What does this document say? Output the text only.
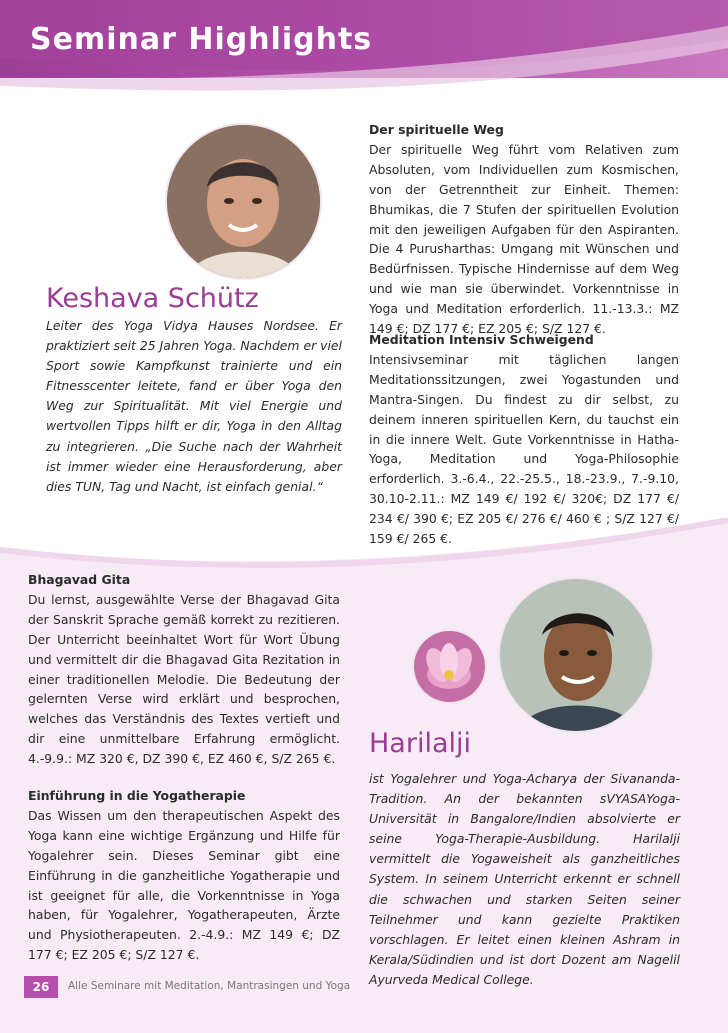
Seminar Highlights
Keshava Schütz
Leiter des Yoga Vidya Hauses Nordsee. Er praktiziert seit 25 Jahren Yoga. Nachdem er viel Sport sowie Kampfkunst trainierte und ein Fitnesscenter leitete, fand er über Yoga den Weg zur Spiritualität. Mit viel Energie und wertvollen Tipps hilft er dir, Yoga in den Alltag zu integrieren. „Die Suche nach der Wahrheit ist immer wieder eine Herausforderung, aber dies TUN, Tag und Nacht, ist einfach genial.“

Der spirituelle Weg

Der spirituelle Weg führt vom Relativen zum Absoluten, vom Individuellen zum Kosmischen, von der Getrenntheit zur Einheit. Themen: Bhumikas, die 7 Stufen der spirituellen Evolution mit den jeweiligen Aufgaben für den Aspiranten. Die 4 Purusharthas: Umgang mit Wünschen und Bedürfnissen. Typische Hindernisse auf dem Weg und wie man sie überwindet. Vorkenntnisse in Yoga und Meditation erforderlich. 11.-13.3.: MZ 149 €; DZ 177 €; EZ 205 €; S/Z 127 €.

Meditation Intensiv Schweigend

Intensivseminar mit täglichen langen Meditationssitzungen, zwei Yogastunden und Mantra-Singen. Du findest zu dir selbst, zu deinem inneren spirituellen Kern, du tauchst ein in die innere Welt. Gute Vorkenntnisse in Hatha-Yoga, Meditation und Yoga-Philosophie erforderlich. 3.-6.4., 22.-25.5., 18.-23.9., 7.-9.10, 30.10-2.11.: MZ 149 €/ 192 €/ 320€; DZ 177 €/ 234 €/ 390 €; EZ 205 €/ 276 €/ 460 € ; S/Z 127 €/ 159 €/ 265 €.

Bhagavad Gita

Du lernst, ausgewählte Verse der Bhagavad Gita der Sanskrit Sprache gemäß korrekt zu rezitieren. Der Unterricht beeinhaltet Wort für Wort Übung und vermittelt dir die Bhagavad Gita Rezitation in einer traditionellen Melodie. Die Bedeutung der gelernten Verse wird erklärt und besprochen, welches das Verständnis des Textes vertieft und dir eine unmittelbare Erfahrung ermöglicht. 4.-9.9.: MZ 320 €, DZ 390 €, EZ 460 €, S/Z 265 €.

Einführung in die Yogatherapie

Das Wissen um den therapeutischen Aspekt des Yoga kann eine wichtige Ergänzung und Hilfe für Yogalehrer sein. Dieses Seminar gibt eine Einführung in die ganzheitliche Yogatherapie und ist geeignet für alle, die Vorkenntnisse in Yoga haben, für Yogalehrer, Yogatherapeuten, Ärzte und Physiotherapeuten. 2.-4.9.: MZ 149 €; DZ 177 €; EZ 205 €; S/Z 127 €.

Harilalji
ist Yogalehrer und Yoga-Acharya der Sivananda-Tradition. An der bekannten sVYASAYoga-Universität in Bangalore/Indien absolvierte er seine Yoga-Therapie-Ausbildung. Harilalji vermittelt die Yogaweisheit als ganzheitliches System. In seinem Unterricht erkennt er schnell die schwachen und starken Seiten seiner Teilnehmer und kann gezielte Praktiken vorschlagen. Er leitet einen kleinen Ashram in Kerala/Südindien und ist dort Dozent am Nagelil Ayurveda Medical College.
26	Alle Seminare mit Meditation, Mantrasingen und Yoga
